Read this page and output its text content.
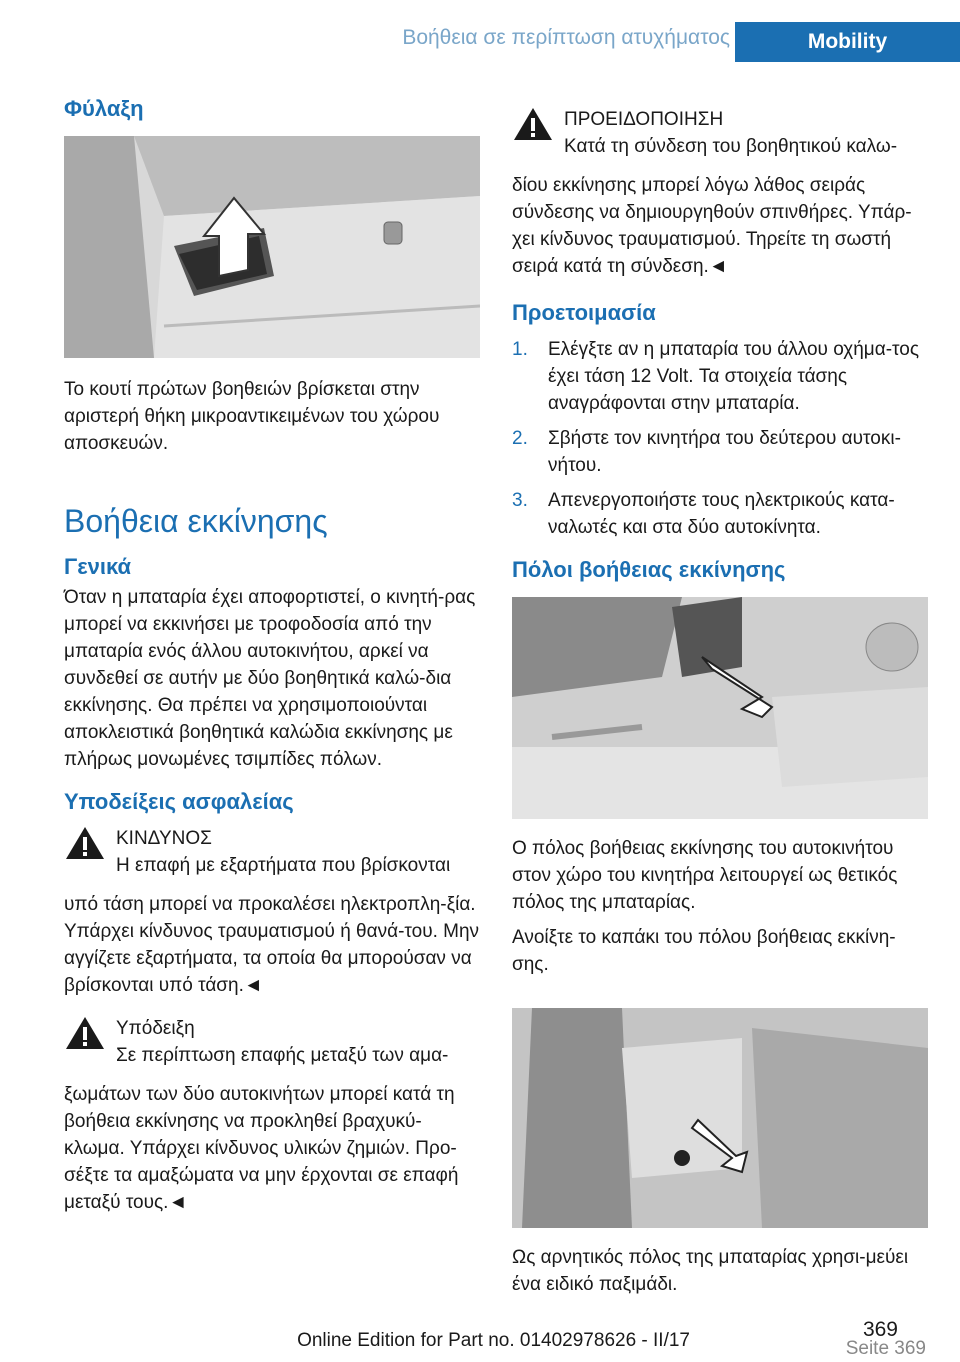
Βοήθεια σε περίπτωση ατυχήματος	Mobility
Φύλαξη

Το κουτί πρώτων βοηθειών βρίσκεται στην αριστερή θήκη μικροαντικειμένων του χώρου αποσκευών.

Βοήθεια εκκίνησης
Γενικά

Όταν η μπαταρία έχει αποφορτιστεί, ο κινητή-ρας μπορεί να εκκινήσει με τροφοδοσία από την μπαταρία ενός άλλου αυτοκινήτου, αρκεί να συνδεθεί σε αυτήν με δύο βοηθητικά καλώ-δια εκκίνησης. Θα πρέπει να χρησιμοποιούνται αποκλειστικά βοηθητικά καλώδια εκκίνησης με πλήρως μονωμένες τσιμπίδες πόλων.

Υποδείξεις ασφαλείας
ΚΙΝΔΥΝΟΣ
Η επαφή με εξαρτήματα που βρίσκονται
υπό τάση μπορεί να προκαλέσει ηλεκτροπλη-ξία. Υπάρχει κίνδυνος τραυματισμού ή θανά-του. Μην αγγίζετε εξαρτήματα, τα οποία θα μπορούσαν να βρίσκονται υπό τάση.◄
Υπόδειξη
Σε περίπτωση επαφής μεταξύ των αμα-
ξωμάτων των δύο αυτοκινήτων μπορεί κατά τη βοήθεια εκκίνησης να προκληθεί βραχυκύ-κλωμα. Υπάρχει κίνδυνος υλικών ζημιών. Προ-σέξτε τα αμαξώματα να μην έρχονται σε επαφή μεταξύ τους.◄
ΠΡΟΕΙΔΟΠΟΙΗΣΗ
Κατά τη σύνδεση του βοηθητικού καλω-
δίου εκκίνησης μπορεί λόγω λάθος σειράς σύνδεσης να δημιουργηθούν σπινθήρες. Υπάρ-χει κίνδυνος τραυματισμού. Τηρείτε τη σωστή σειρά κατά τη σύνδεση.◄
Προετοιμασία
1.	Ελέγξτε αν η μπαταρία του άλλου οχήμα-τος έχει τάση 12 Volt. Τα στοιχεία τάσης αναγράφονται στην μπαταρία.
2.	Σβήστε τον κινητήρα του δεύτερου αυτοκι-νήτου.
3.	Απενεργοποιήστε τους ηλεκτρικούς κατα-ναλωτές και στα δύο αυτοκίνητα.
Πόλοι βοήθειας εκκίνησης

Ο πόλος βοήθειας εκκίνησης του αυτοκινήτου στον χώρο του κινητήρα λειτουργεί ως θετικός πόλος της μπαταρίας.

Ανοίξτε το καπάκι του πόλου βοήθειας εκκίνη-σης.

Ως αρνητικός πόλος της μπαταρίας χρησι-μεύει ένα ειδικό παξιμάδι.

369
Online Edition for Part no. 01402978626 - II/17	Seite 369
